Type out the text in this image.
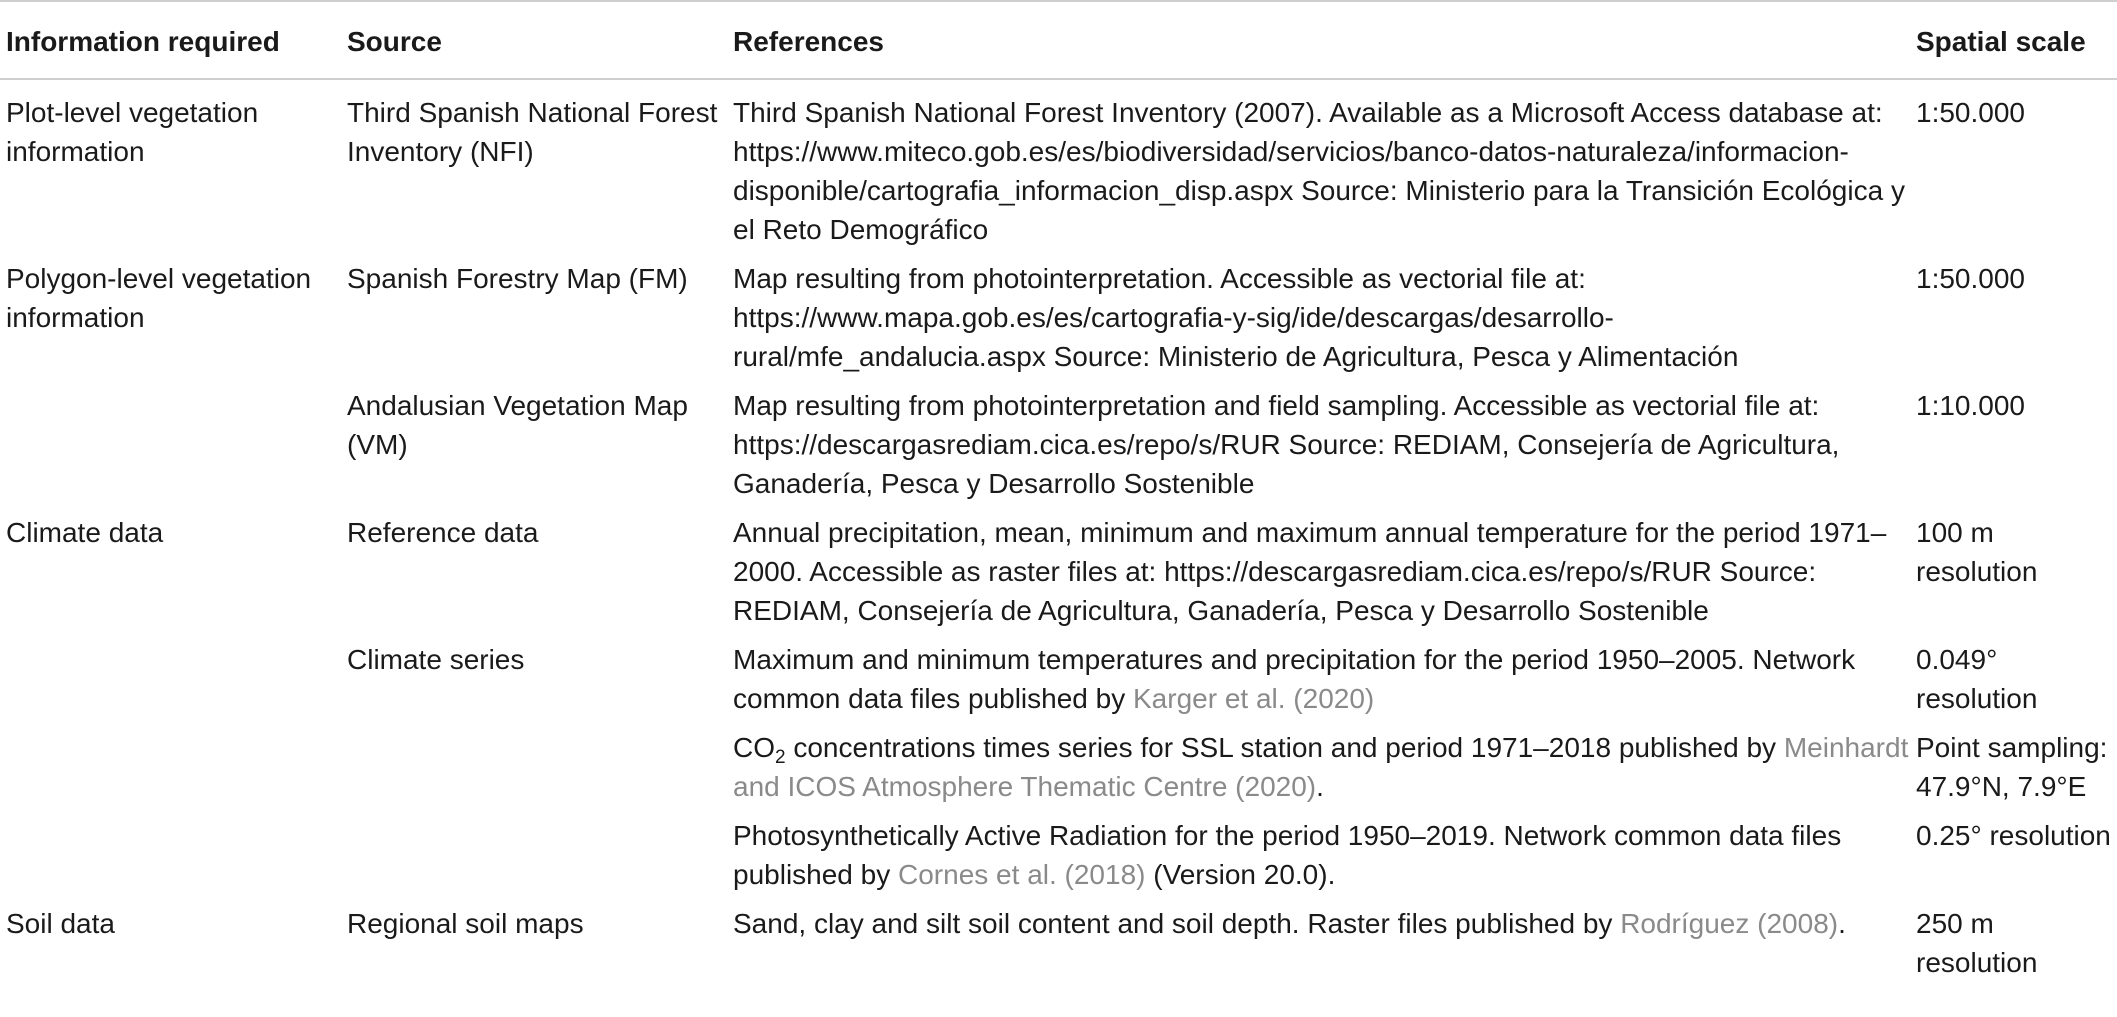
Information required	Source	References	Spatial scale
Plot-level vegetation information	Third Spanish National Forest Inventory (NFI)	Third Spanish National Forest Inventory (2007). Available as a Microsoft Access database at: https://www.miteco.gob.es/es/biodiversidad/servicios/banco-datos-naturaleza/informacion-disponible/cartografia_informacion_disp.aspx Source: Ministerio para la Transición Ecológica y el Reto Demográfico	1:50.000
Polygon-level vegetation information	Spanish Forestry Map (FM)	Map resulting from photointerpretation. Accessible as vectorial file at: https://www.mapa.gob.es/es/cartografia-y-sig/ide/descargas/desarrollo-rural/mfe_andalucia.aspx Source: Ministerio de Agricultura, Pesca y Alimentación	1:50.000
	Andalusian Vegetation Map (VM)	Map resulting from photointerpretation and field sampling. Accessible as vectorial file at: https://descargasrediam.cica.es/repo/s/RUR Source: REDIAM, Consejería de Agricultura, Ganadería, Pesca y Desarrollo Sostenible	1:10.000
Climate data	Reference data	Annual precipitation, mean, minimum and maximum annual temperature for the period 1971–2000. Accessible as raster files at: https://descargasrediam.cica.es/repo/s/RUR Source: REDIAM, Consejería de Agricultura, Ganadería, Pesca y Desarrollo Sostenible	100 m resolution
	Climate series	Maximum and minimum temperatures and precipitation for the period 1950–2005. Network common data files published by Karger et al. (2020)	0.049° resolution
		$CO_2$ concentrations times series for SSL station and period 1971–2018 published by Meinhardt and ICOS Atmosphere Thematic Centre (2020).	Point sampling: 47.9°N, 7.9°E
		Photosynthetically Active Radiation for the period 1950–2019. Network common data files published by Cornes et al. (2018) (Version 20.0).	0.25° resolution
Soil data	Regional soil maps	Sand, clay and silt soil content and soil depth. Raster files published by Rodríguez (2008).	250 m resolution
